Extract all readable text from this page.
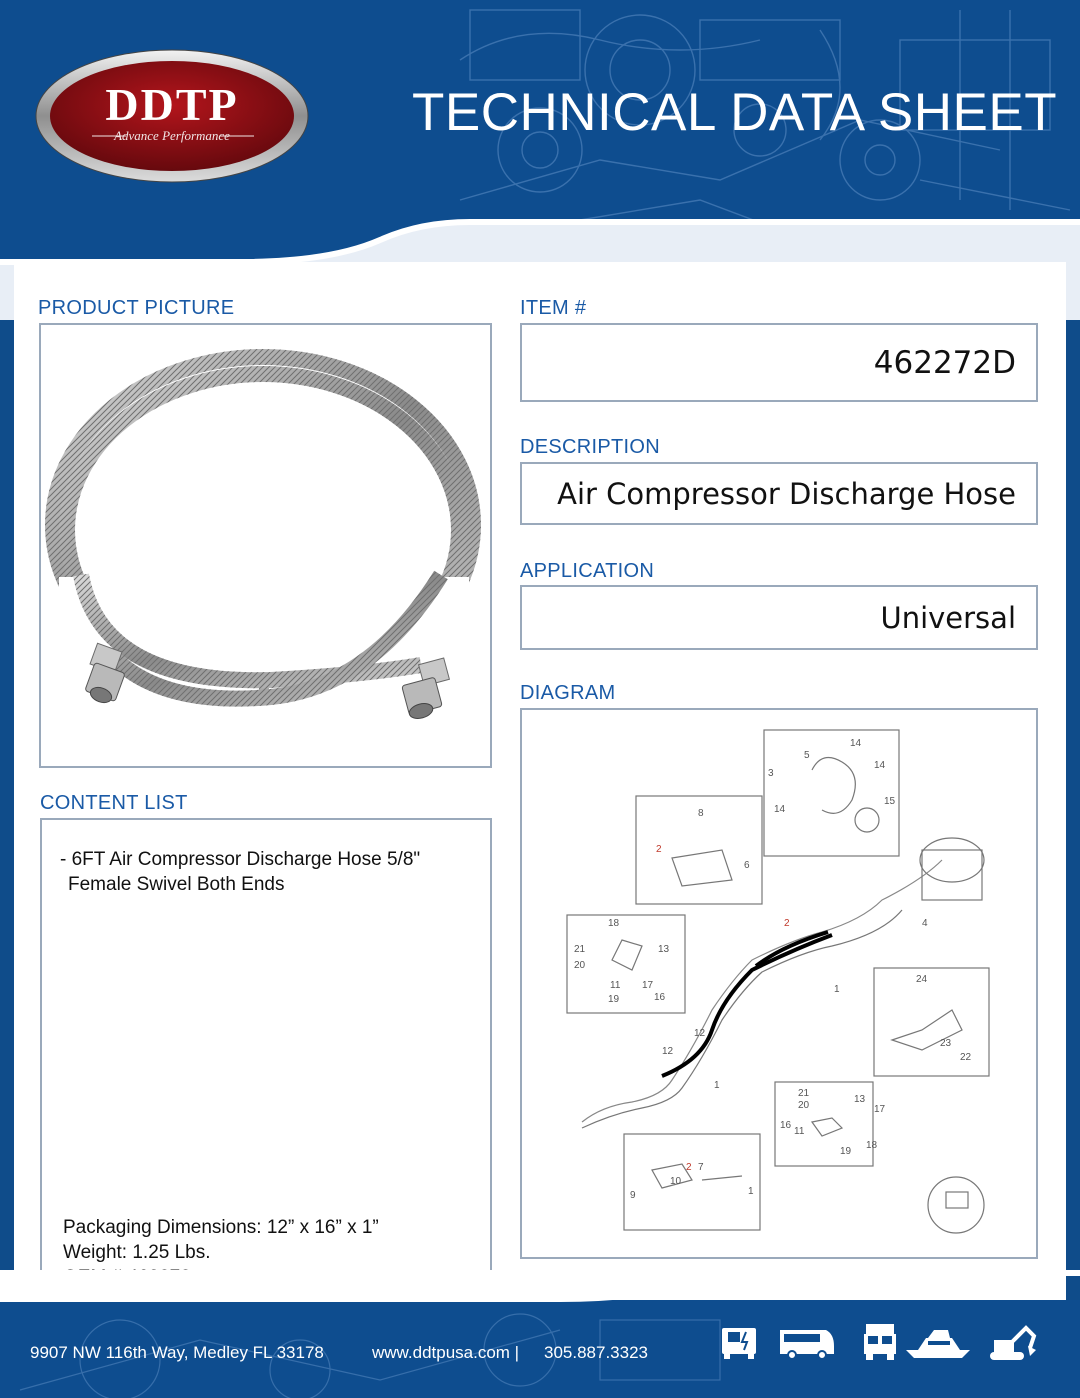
DDTP
Advance Performance	TECHNICAL DATA SHEET
PRODUCT PICTURE	ITEM #
462272D
DESCRIPTION
Air Compressor Discharge Hose
APPLICATION
Universal
DIAGRAM
14
5
3
14
15
14
8
2
6
2
18
21
20
13
11 17
19	16
4
1
24
12
12
1
23
22
21
20
16
11
13
17
19
18
9
2 7
10
1
CONTENT LIST
- 6FT Air Compressor Discharge Hose 5/8"
Female Swivel Both Ends
Packaging Dimensions: 12” x 16” x 1”
Weight: 1.25 Lbs.
9907 NW 116th Way, Medley FL 33178	www.ddtpusa.com | 305.887.3323
